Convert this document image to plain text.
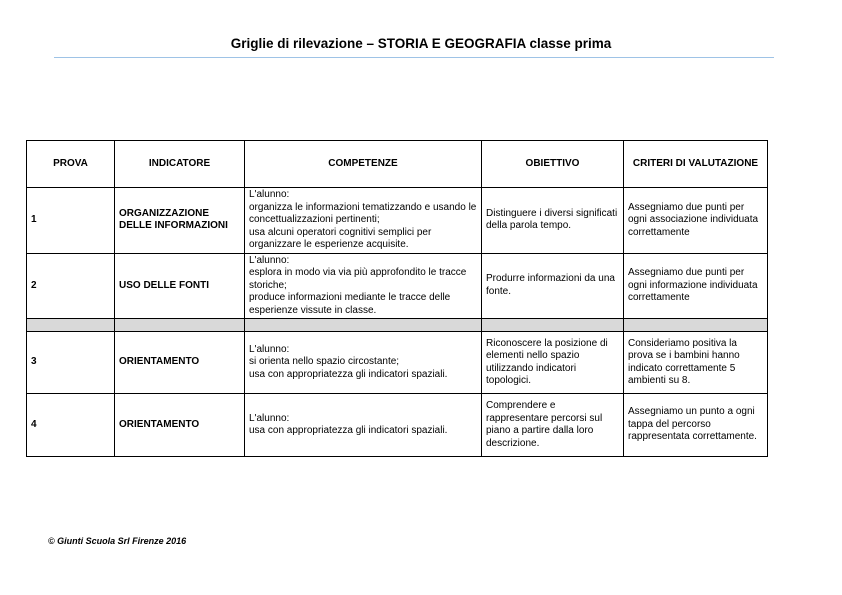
Griglie di rilevazione – STORIA E GEOGRAFIA classe prima
PROVA	INDICATORE	COMPETENZE	OBIETTIVO	CRITERI DI VALUTAZIONE
1	ORGANIZZAZIONE DELLE INFORMAZIONI	L'alunno:
organizza le informazioni tematizzando e usando le concettualizzazioni pertinenti;
usa alcuni operatori cognitivi semplici per organizzare le esperienze acquisite.	Distinguere i diversi significati della parola tempo.	Assegniamo due punti per ogni associazione individuata correttamente
2	USO DELLE FONTI	L'alunno:
esplora in modo via via più approfondito le tracce storiche;
produce informazioni mediante le tracce delle esperienze vissute in classe.	Produrre informazioni da una fonte.	Assegniamo due punti per ogni informazione individuata correttamente

3	ORIENTAMENTO	L'alunno:
si orienta nello spazio circostante;
usa con appropriatezza gli indicatori spaziali.	Riconoscere la posizione di elementi nello spazio utilizzando indicatori topologici.	Consideriamo positiva la prova se i bambini hanno indicato correttamente 5 ambienti su 8.
4	ORIENTAMENTO	L'alunno:
usa con appropriatezza gli indicatori spaziali.	Comprendere e rappresentare percorsi sul piano a partire dalla loro descrizione.	Assegniamo un punto a ogni tappa del percorso rappresentata correttamente.
© Giunti Scuola Srl Firenze 2016
